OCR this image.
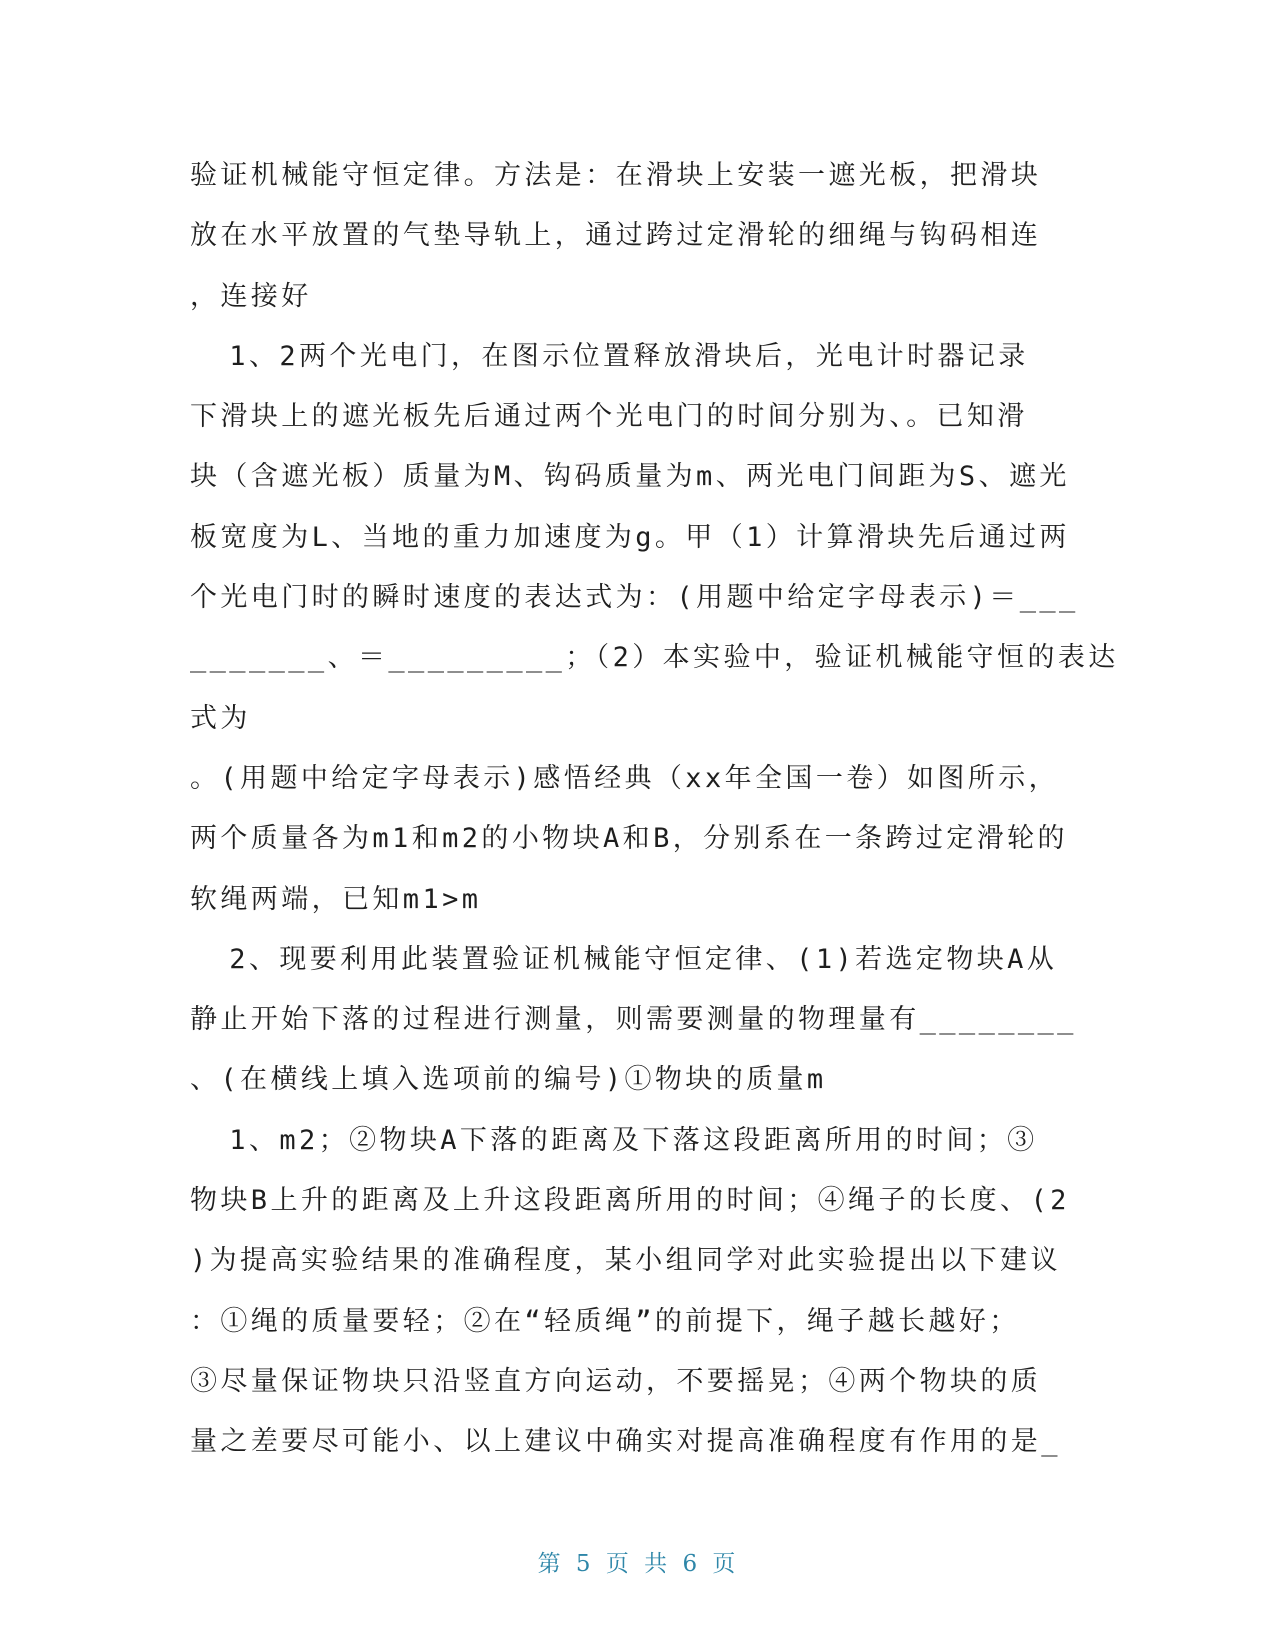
验证机械能守恒定律。方法是：在滑块上安装一遮光板，把滑块
放在水平放置的气垫导轨上，通过跨过定滑轮的细绳与钩码相连
，连接好
1、2两个光电门，在图示位置释放滑块后，光电计时器记录
下滑块上的遮光板先后通过两个光电门的时间分别为、。已知滑
块（含遮光板）质量为M、钩码质量为m、两光电门间距为S、遮光
板宽度为L、当地的重力加速度为g。甲（1）计算滑块先后通过两
个光电门时的瞬时速度的表达式为：(用题中给定字母表示)＝___
_______、＝_________；（2）本实验中，验证机械能守恒的表达
式为
。(用题中给定字母表示)感悟经典（xx年全国一卷）如图所示，
两个质量各为m1和m2的小物块A和B，分别系在一条跨过定滑轮的
软绳两端，已知m1>m
2、现要利用此装置验证机械能守恒定律、(1)若选定物块A从
静止开始下落的过程进行测量，则需要测量的物理量有________
、(在横线上填入选项前的编号)①物块的质量m
1、m2；②物块A下落的距离及下落这段距离所用的时间；③
物块B上升的距离及上升这段距离所用的时间；④绳子的长度、(2
)为提高实验结果的准确程度，某小组同学对此实验提出以下建议
：①绳的质量要轻；②在“轻质绳”的前提下，绳子越长越好；
③尽量保证物块只沿竖直方向运动，不要摇晃；④两个物块的质
量之差要尽可能小、以上建议中确实对提高准确程度有作用的是_
第 5 页 共 6 页
